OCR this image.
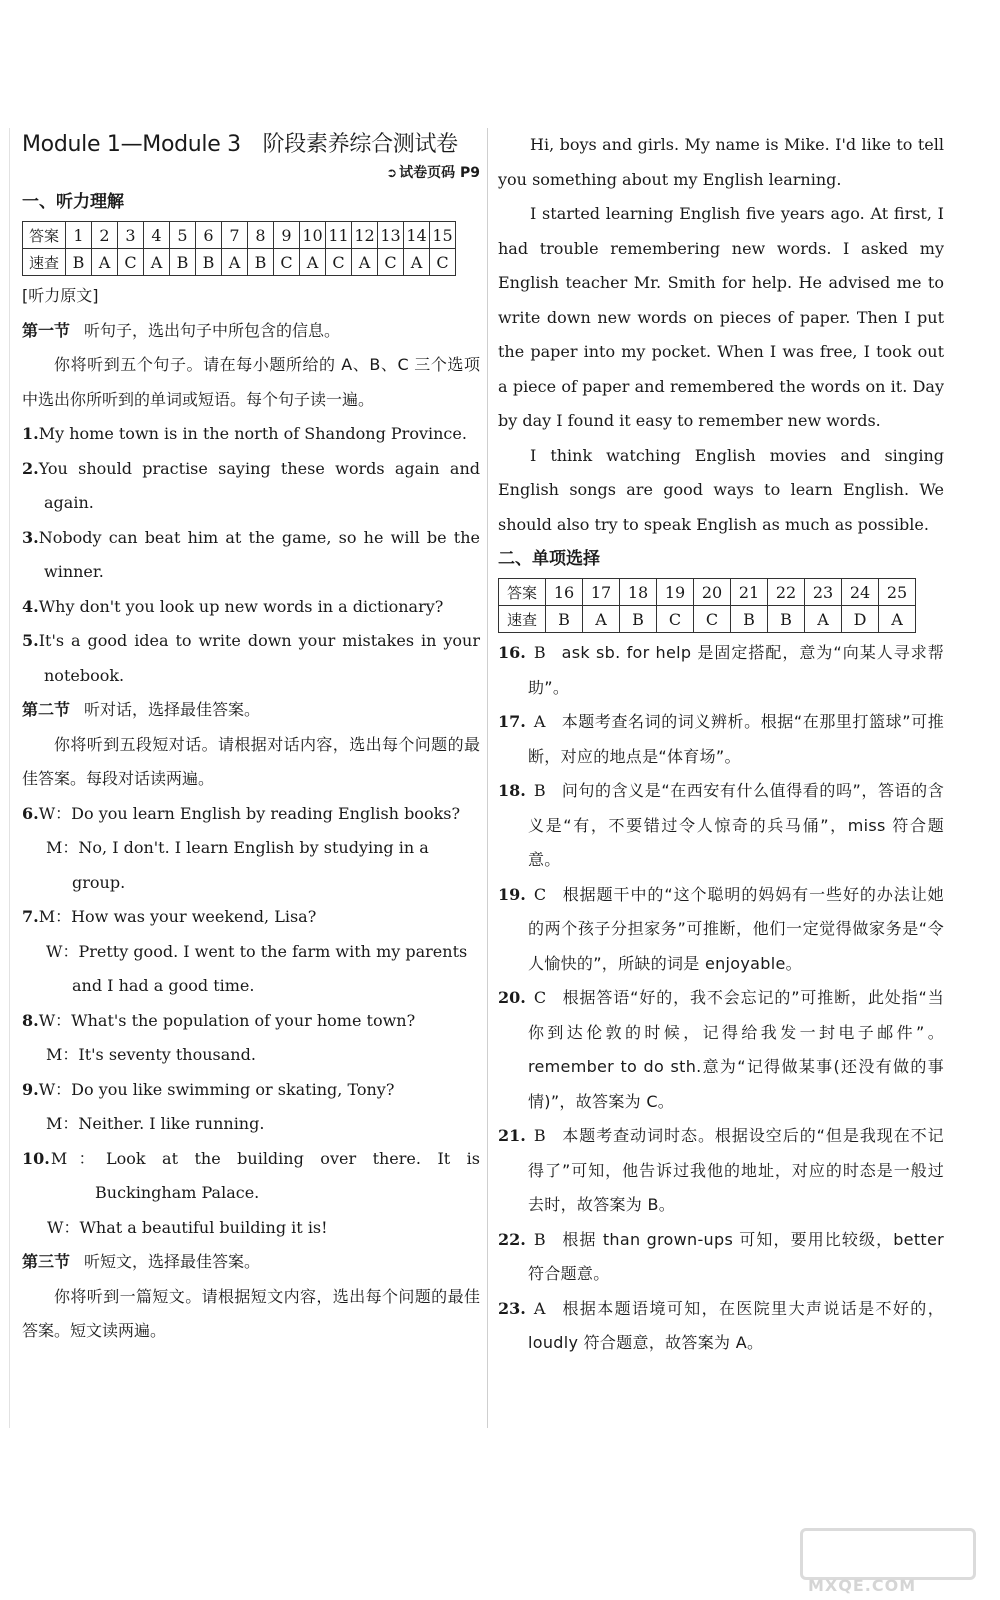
Module 1—Module 3　阶段素养综合测试卷
➲ 试卷页码 P9
一、听力理解
答案	1	2	3	4	5	6	7	8	9	10	11	12	13	14	15
速查	B	A	C	A	B	B	A	B	C	A	C	A	C	A	C

[听力原文]

第一节 听句子，选出句子中所包含的信息。

你将听到五个句子。请在每小题所给的 A、B、C 三个选项中选出你所听到的单词或短语。每个句子读一遍。

1.My home town is in the north of Shandong Province.

2.You should practise saying these words again and again.

3.Nobody can beat him at the game, so he will be the winner.

4.Why don't you look up new words in a dictionary?

5.It's a good idea to write down your mistakes in your notebook.

第二节 听对话，选择最佳答案。

你将听到五段短对话。请根据对话内容，选出每个问题的最佳答案。每段对话读两遍。

6.W：Do you learn English by reading English books?

M：No, I don't. I learn English by studying in a group.

7.M：How was your weekend, Lisa?

W：Pretty good. I went to the farm with my parents and I had a good time.

8.W：What's the population of your home town?

M：It's seventy thousand.

9.W：Do you like swimming or skating, Tony?

M：Neither. I like running.

10.M：Look at the building over there. It is Buckingham Palace.

W：What a beautiful building it is!

第三节 听短文，选择最佳答案。

你将听到一篇短文。请根据短文内容，选出每个问题的最佳答案。短文读两遍。

Hi, boys and girls. My name is Mike. I'd like to tell you something about my English learning.

I started learning English five years ago. At first, I had trouble remembering new words. I asked my English teacher Mr. Smith for help. He advised me to write down new words on pieces of paper. Then I put the paper into my pocket. When I was free, I took out a piece of paper and remembered the words on it. Day by day I found it easy to remember new words.

I think watching English movies and singing English songs are good ways to learn English. We should also try to speak English as much as possible.

二、单项选择
答案	16	17	18	19	20	21	22	23	24	25
速查	B	A	B	C	C	B	B	A	D	A

16. B ask sb. for help 是固定搭配，意为“向某人寻求帮助”。

17. A 本题考查名词的词义辨析。根据“在那里打篮球”可推断，对应的地点是“体育场”。

18. B 问句的含义是“在西安有什么值得看的吗”，答语的含义是“有，不要错过令人惊奇的兵马俑”，miss 符合题意。

19. C 根据题干中的“这个聪明的妈妈有一些好的办法让她的两个孩子分担家务”可推断，他们一定觉得做家务是“令人愉快的”，所缺的词是 enjoyable。

20. C 根据答语“好的，我不会忘记的”可推断，此处指“当你到达伦敦的时候，记得给我发一封电子邮件”。remember to do sth.意为“记得做某事(还没有做的事情)”，故答案为 C。

21. B 本题考查动词时态。根据设空后的“但是我现在不记得了”可知，他告诉过我他的地址，对应的时态是一般过去时，故答案为 B。

22. B 根据 than grown-ups 可知，要用比较级，better 符合题意。

23. A 根据本题语境可知，在医院里大声说话是不好的，loudly 符合题意，故答案为 A。

MXQE.COM
